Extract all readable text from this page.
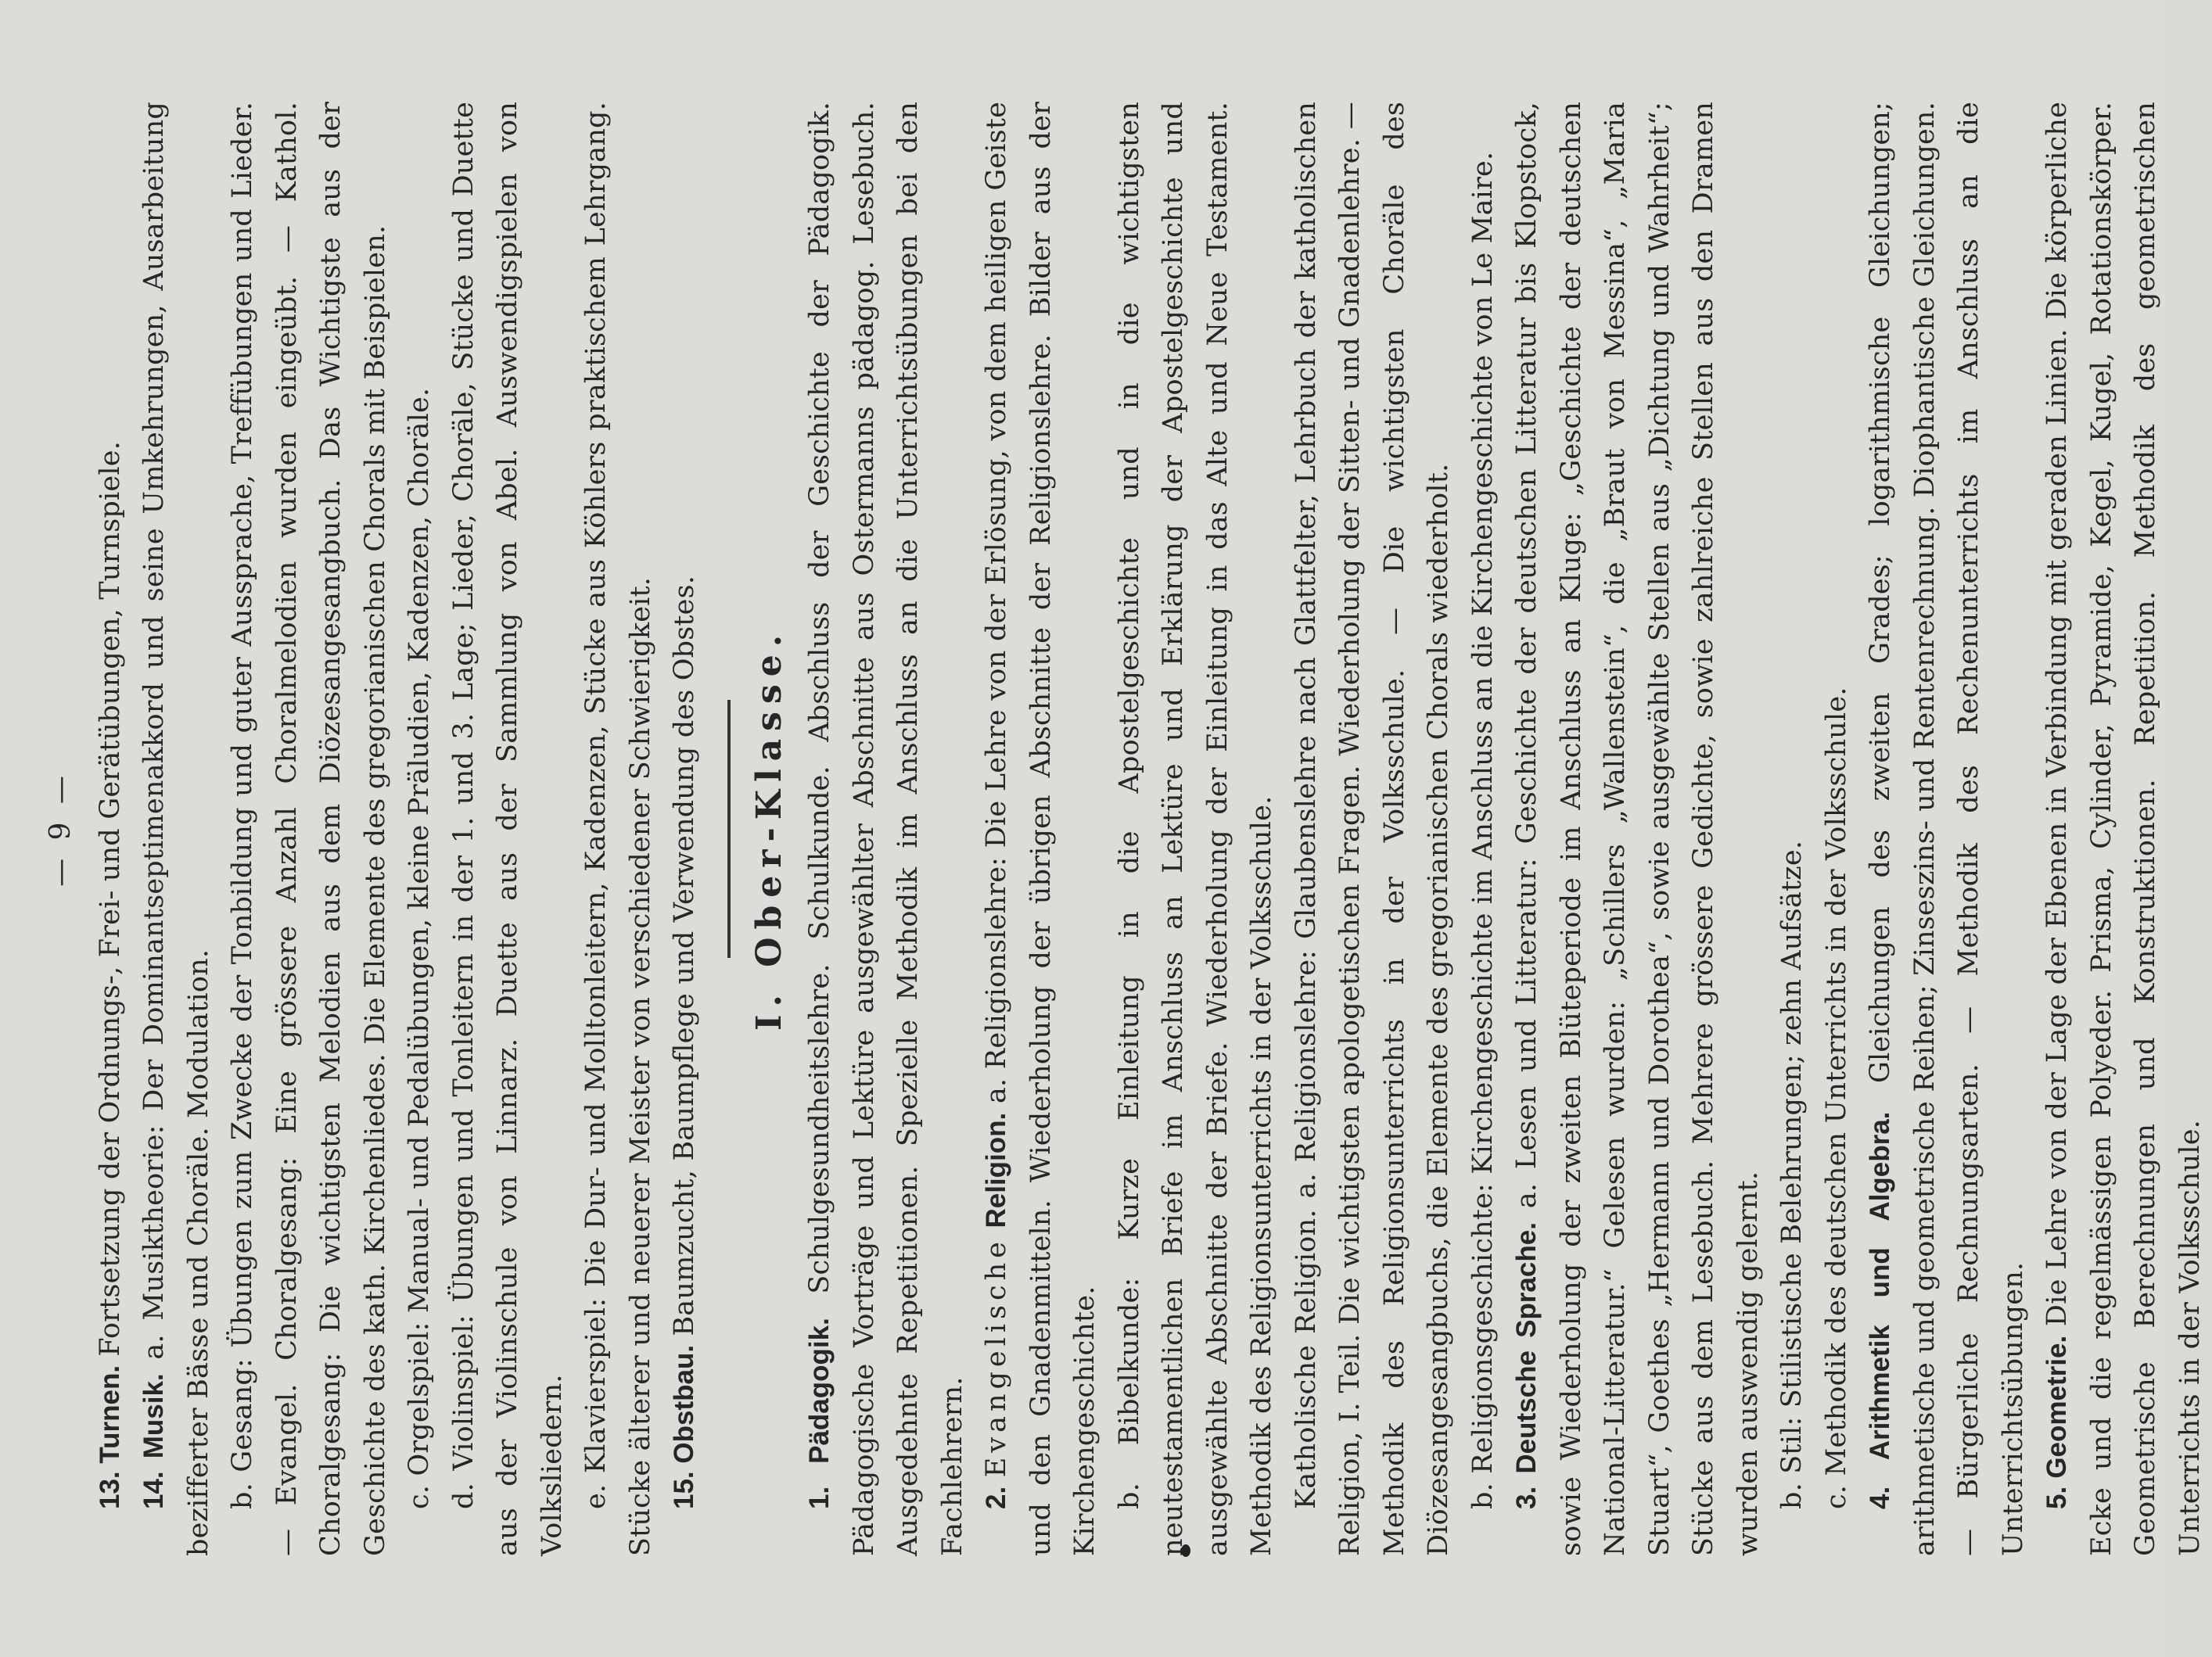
— 9 —

13. Turnen. Fortsetzung der Ordnungs-, Frei- und Gerätübungen, Turnspiele.

14. Musik. a. Musiktheorie: Der Dominantseptimenakkord und seine Umkehrungen, Ausarbeitung bezifferter Bässe und Choräle. Modulation. b. Gesang: Übungen zum Zwecke der Tonbildung und guter Aussprache, Treffübungen und Lieder. — Evangel. Choralgesang: Eine grössere Anzahl Choralmelodien wurden eingeübt. — Kathol. Choralgesang: Die wichtigsten Melodien aus dem Diözesangesangbuch. Das Wichtigste aus der Geschichte des kath. Kirchenliedes. Die Elemente des gregorianischen Chorals mit Beispielen. c. Orgelspiel: Manual- und Pedalübungen, kleine Präludien, Kadenzen, Choräle. d. Violinspiel: Übungen und Tonleitern in der 1. und 3. Lage; Lieder, Choräle, Stücke und Duette aus der Violinschule von Linnarz. Duette aus der Sammlung von Abel. Auswendigspielen von Volksliedern. e. Klavierspiel: Die Dur- und Molltonleitern, Kadenzen, Stücke aus Köhlers praktischem Lehrgang. Stücke älterer und neuerer Meister von verschiedener Schwierigkeit. 15. Obstbau. Baumzucht, Baumpflege und Verwendung des Obstes. I. Ober-Klasse.

1. Pädagogik. Schulgesundheitslehre. Schulkunde. Abschluss der Geschichte der Pädagogik. Pädagogische Vorträge und Lektüre ausgewählter Abschnitte aus Ostermanns pädagog. Lesebuch. Ausgedehnte Repetitionen. Spezielle Methodik im Anschluss an die Unterrichtsübungen bei den Fachlehrern. 2. Evangelische Religion. a. Religionslehre: Die Lehre von der Erlösung, von dem heiligen Geiste und den Gnadenmitteln. Wiederholung der übrigen Abschnitte der Religionslehre. Bilder aus der Kirchengeschichte. b. Bibelkunde: Kurze Einleitung in die Apostelgeschichte und in die wichtigsten neutestamentlichen Briefe im Anschluss an Lektüre und Erklärung der Apostelgeschichte und ausgewählte Abschnitte der Briefe. Wiederholung der Einleitung in das Alte und Neue Testament. Methodik des Religionsunterrichts in der Volksschule. Katholische Religion. a. Religionslehre: Glaubenslehre nach Glattfelter, Lehrbuch der katholischen Religion, I. Teil. Die wichtigsten apologetischen Fragen. Wiederholung der Sitten- und Gnadenlehre. — Methodik des Religionsunterrichts in der Volksschule. — Die wichtigsten Choräle des Diözesangesangbuchs, die Elemente des gregorianischen Chorals wiederholt. b. Religionsgeschichte: Kirchengeschichte im Anschluss an die Kirchengeschichte von Le Maire. 3. Deutsche Sprache. a. Lesen und Litteratur: Geschichte der deutschen Litteratur bis Klopstock, sowie Wiederholung der zweiten Blüteperiode im Anschluss an Kluge: „Geschichte der deutschen National-Litteratur.“ Gelesen wurden: „Schillers „Wallenstein“, die „Braut von Messina“, „Maria Stuart“, Goethes „Hermann und Dorothea“, sowie ausgewählte Stellen aus „Dichtung und Wahrheit“; Stücke aus dem Lesebuch. Mehrere grössere Gedichte, sowie zahlreiche Stellen aus den Dramen wurden auswendig gelernt. b. Stil: Stilistische Belehrungen; zehn Aufsätze. c. Methodik des deutschen Unterrichts in der Volksschule. 4. Arithmetik und Algebra. Gleichungen des zweiten Grades; logarithmische Gleichungen; arithmetische und geometrische Reihen; Zinseszins- und Rentenrechnung. Diophantische Gleichungen. — Bürgerliche Rechnungsarten. — Methodik des Rechenunterrichts im Anschluss an die Unterrichtsübungen. 5. Geometrie. Die Lehre von der Lage der Ebenen in Verbindung mit geraden Linien. Die körperliche Ecke und die regelmässigen Polyeder. Prisma, Cylinder, Pyramide, Kegel, Kugel, Rotationskörper. Geometrische Berechnungen und Konstruktionen. Repetition. Methodik des geometrischen Unterrichts in der Volksschule.
